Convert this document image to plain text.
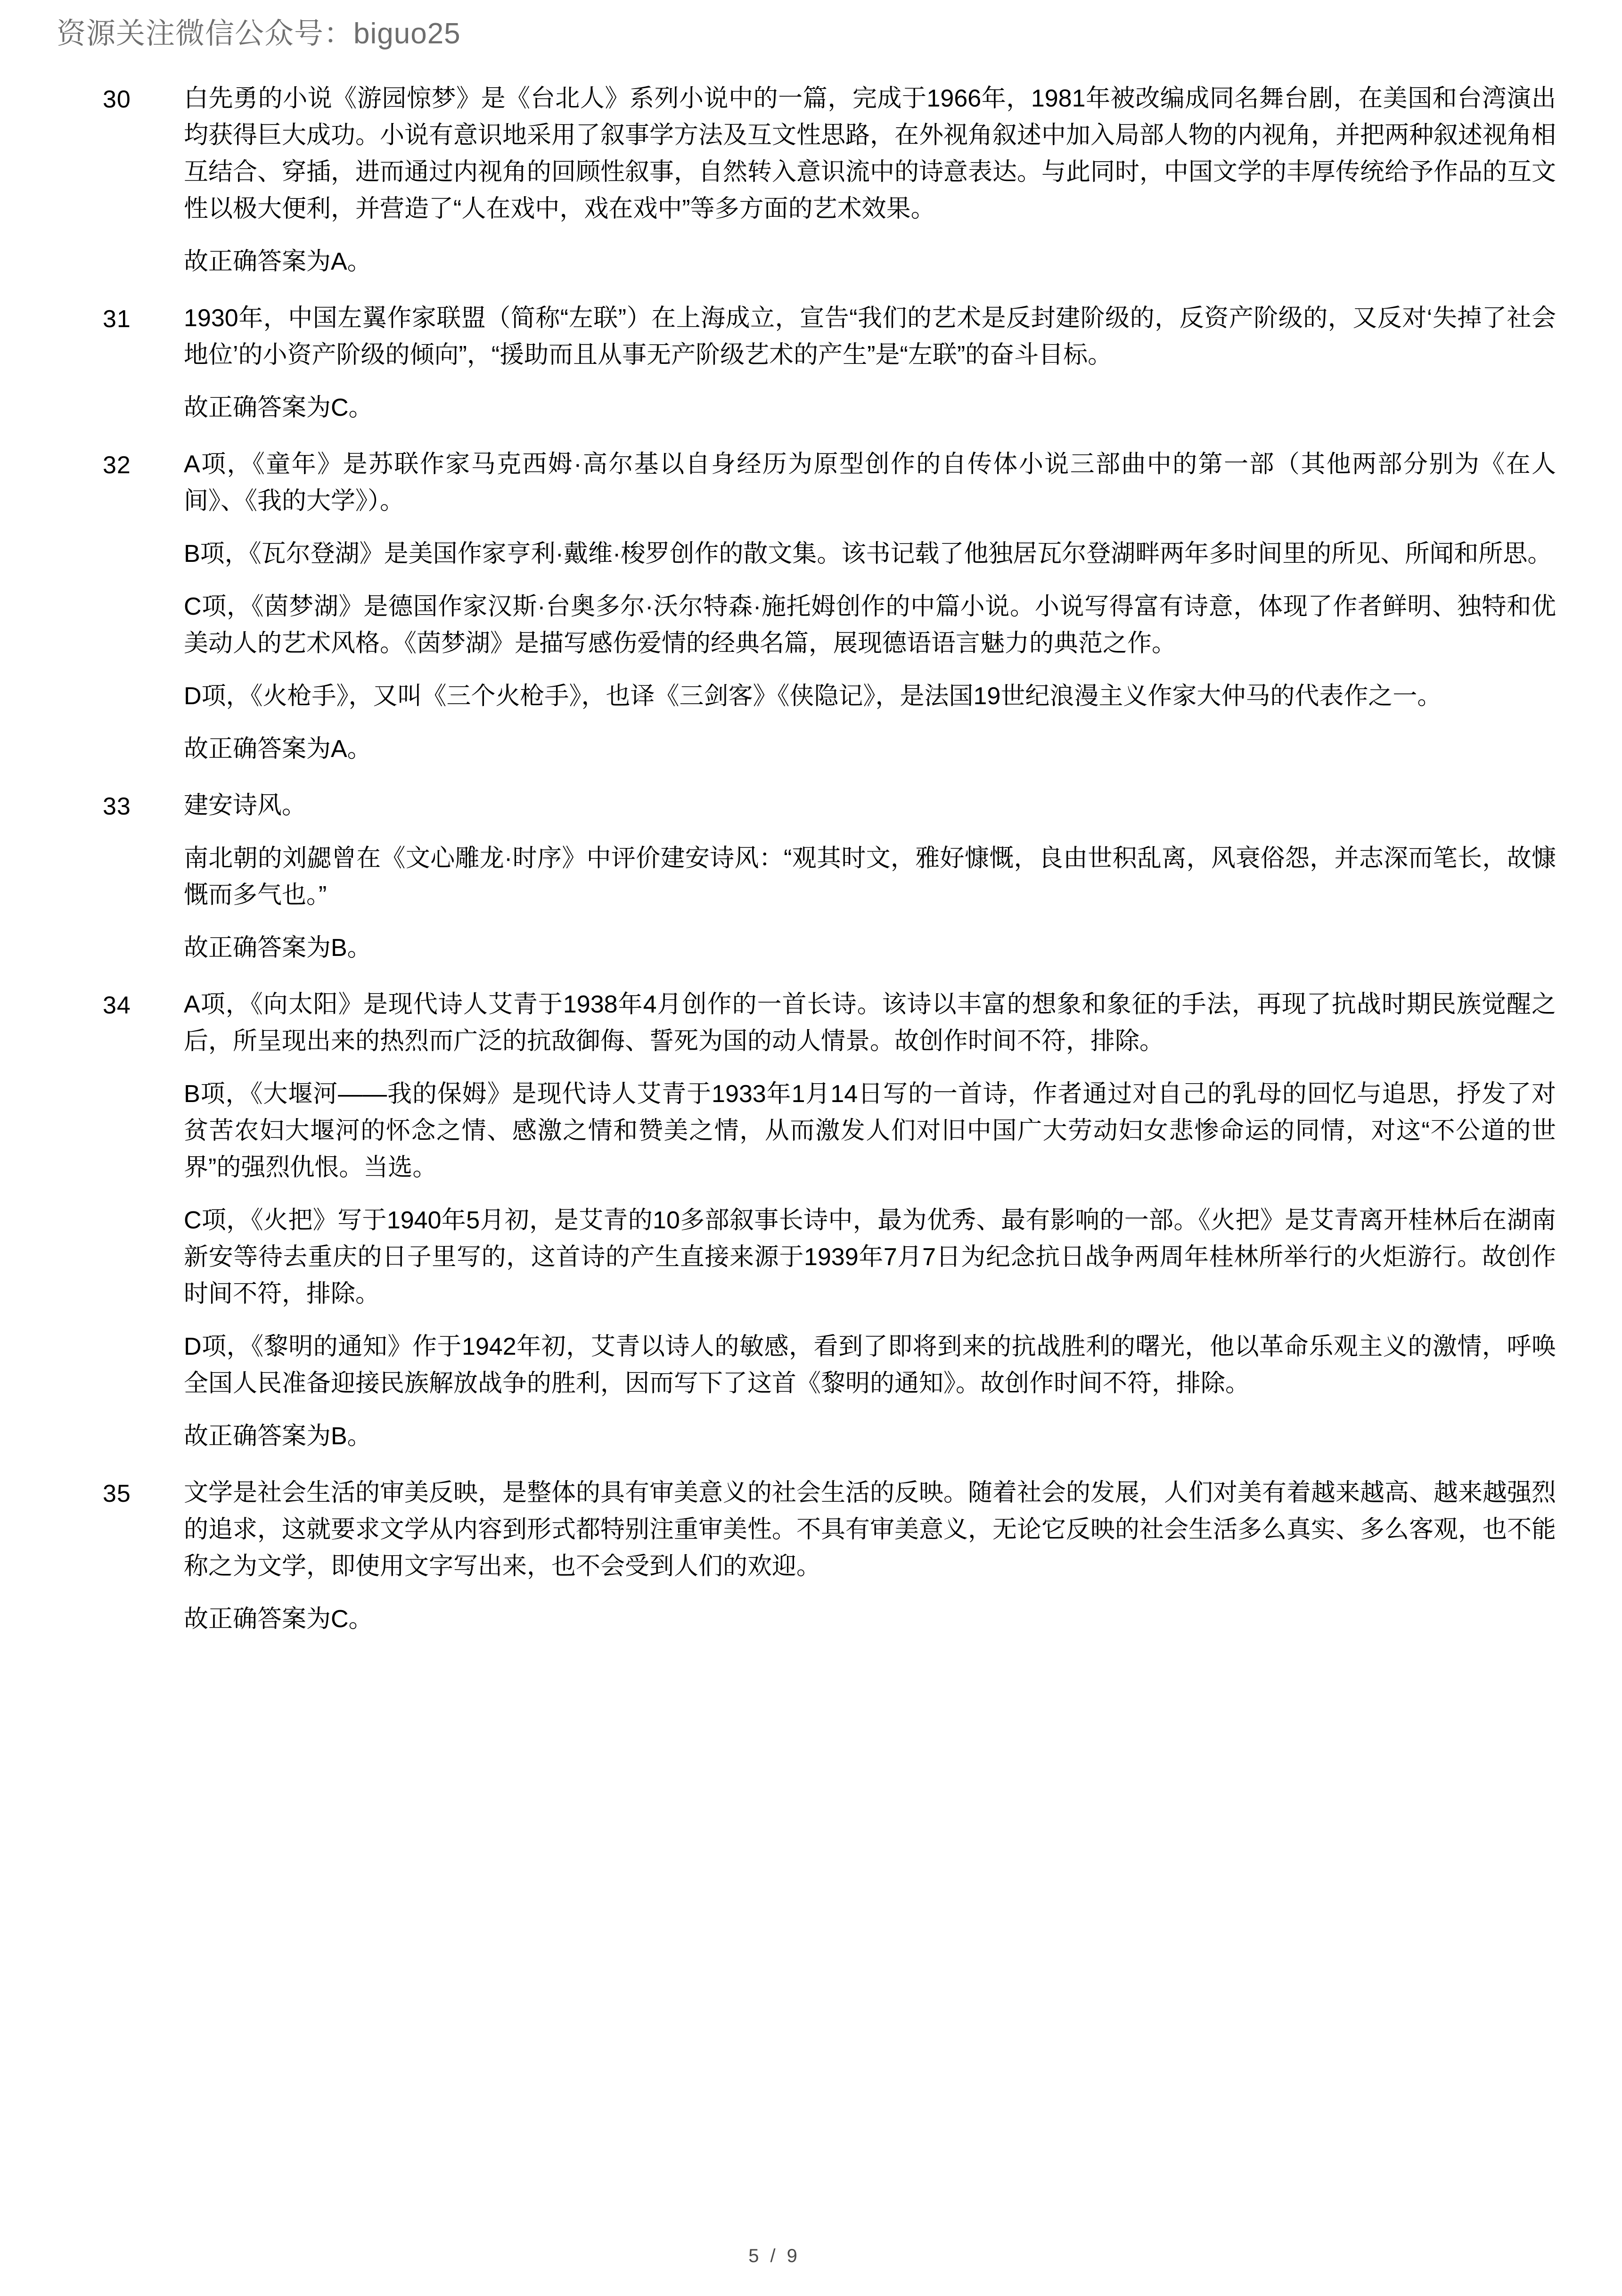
资源关注微信公众号：biguo25
30	白先勇的小说《游园惊梦》是《台北人》系列小说中的一篇，完成于1966年，1981年被改编成同名舞台剧，在美国和台湾演出均获得巨大成功。小说有意识地采用了叙事学方法及互文性思路，在外视角叙述中加入局部人物的内视角，并把两种叙述视角相互结合、穿插，进而通过内视角的回顾性叙事，自然转入意识流中的诗意表达。与此同时，中国文学的丰厚传统给予作品的互文性以极大便利，并营造了“人在戏中，戏在戏中”等多方面的艺术效果。

故正确答案为A。

31	1930年，中国左翼作家联盟（简称“左联”）在上海成立，宣告“我们的艺术是反封建阶级的，反资产阶级的，又反对‘失掉了社会地位’的小资产阶级的倾向”，“援助而且从事无产阶级艺术的产生”是“左联”的奋斗目标。

故正确答案为C。

32	A项，《童年》是苏联作家马克西姆·高尔基以自身经历为原型创作的自传体小说三部曲中的第一部（其他两部分别为《在人间》、《我的大学》）。

B项，《瓦尔登湖》是美国作家亨利·戴维·梭罗创作的散文集。该书记载了他独居瓦尔登湖畔两年多时间里的所见、所闻和所思。

C项，《茵梦湖》是德国作家汉斯·台奥多尔·沃尔特森·施托姆创作的中篇小说。小说写得富有诗意，体现了作者鲜明、独特和优美动人的艺术风格。《茵梦湖》是描写感伤爱情的经典名篇，展现德语语言魅力的典范之作。

D项，《火枪手》，又叫《三个火枪手》，也译《三剑客》《侠隐记》，是法国19世纪浪漫主义作家大仲马的代表作之一。

故正确答案为A。

33	建安诗风。

南北朝的刘勰曾在《文心雕龙·时序》中评价建安诗风：“观其时文，雅好慷慨，良由世积乱离，风衰俗怨，并志深而笔长，故慷慨而多气也。”

故正确答案为B。

34	A项，《向太阳》是现代诗人艾青于1938年4月创作的一首长诗。该诗以丰富的想象和象征的手法，再现了抗战时期民族觉醒之后，所呈现出来的热烈而广泛的抗敌御侮、誓死为国的动人情景。故创作时间不符，排除。

B项，《大堰河——我的保姆》是现代诗人艾青于1933年1月14日写的一首诗，作者通过对自己的乳母的回忆与追思，抒发了对贫苦农妇大堰河的怀念之情、感激之情和赞美之情，从而激发人们对旧中国广大劳动妇女悲惨命运的同情，对这“不公道的世界”的强烈仇恨。当选。

C项，《火把》写于1940年5月初，是艾青的10多部叙事长诗中，最为优秀、最有影响的一部。《火把》是艾青离开桂林后在湖南新安等待去重庆的日子里写的，这首诗的产生直接来源于1939年7月7日为纪念抗日战争两周年桂林所举行的火炬游行。故创作时间不符，排除。

D项，《黎明的通知》作于1942年初，艾青以诗人的敏感，看到了即将到来的抗战胜利的曙光，他以革命乐观主义的激情，呼唤全国人民准备迎接民族解放战争的胜利，因而写下了这首《黎明的通知》。故创作时间不符，排除。

故正确答案为B。

35	文学是社会生活的审美反映，是整体的具有审美意义的社会生活的反映。随着社会的发展，人们对美有着越来越高、越来越强烈的追求，这就要求文学从内容到形式都特别注重审美性。不具有审美意义，无论它反映的社会生活多么真实、多么客观，也不能称之为文学，即使用文字写出来，也不会受到人们的欢迎。

故正确答案为C。

5 / 9
